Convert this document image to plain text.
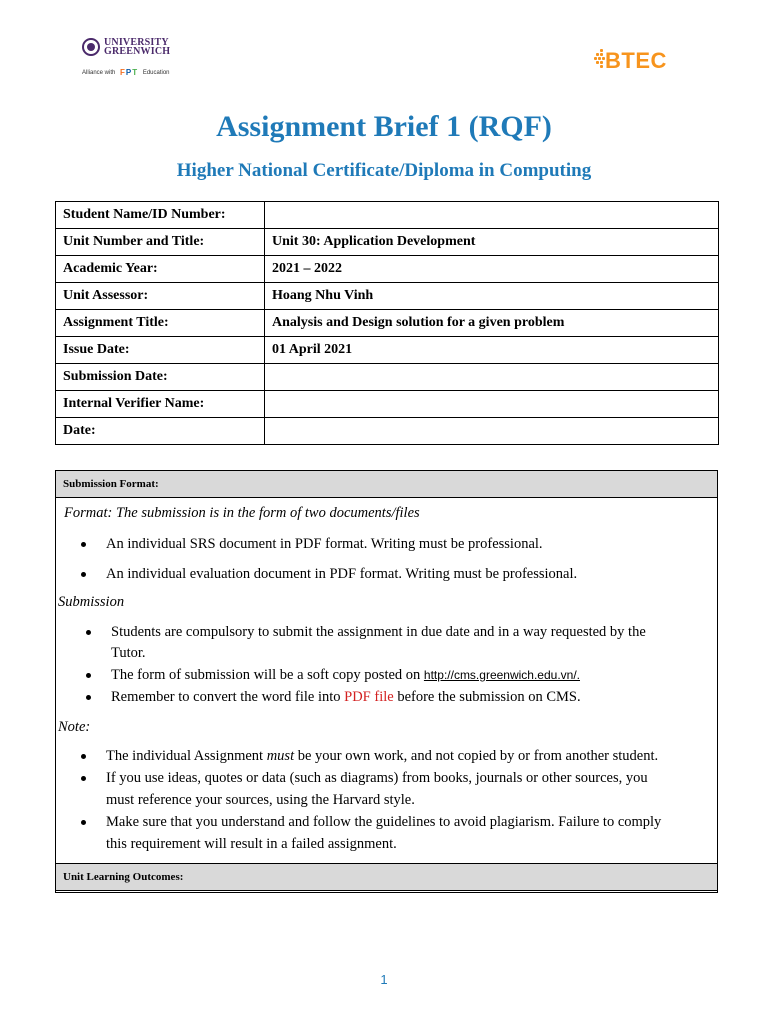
UNIVERSITY
GREENWICH
Alliance with FPT Education
BTEC
Assignment Brief 1 (RQF)
Higher National Certificate/Diploma in Computing
Student Name/ID Number:	
Unit Number and Title:	Unit 30: Application Development
Academic Year:	2021 – 2022
Unit Assessor:	Hoang Nhu Vinh
Assignment Title:	Analysis and Design solution for a given problem
Issue Date:	01 April 2021
Submission Date:	
Internal Verifier Name:	
Date:	
Submission Format:
Format: The submission is in the form of two documents/files
An individual SRS document in PDF format. Writing must be professional.
An individual evaluation document in PDF format. Writing must be professional.
Submission
Students are compulsory to submit the assignment in due date and in a way requested by the
Tutor.
The form of submission will be a soft copy posted on http://cms.greenwich.edu.vn/.
Remember to convert the word file into PDF file before the submission on CMS.
Note:
The individual Assignment must be your own work, and not copied by or from another student.
If you use ideas, quotes or data (such as diagrams) from books, journals or other sources, you
must reference your sources, using the Harvard style.
Make sure that you understand and follow the guidelines to avoid plagiarism. Failure to comply
this requirement will result in a failed assignment.
Unit Learning Outcomes:
1
